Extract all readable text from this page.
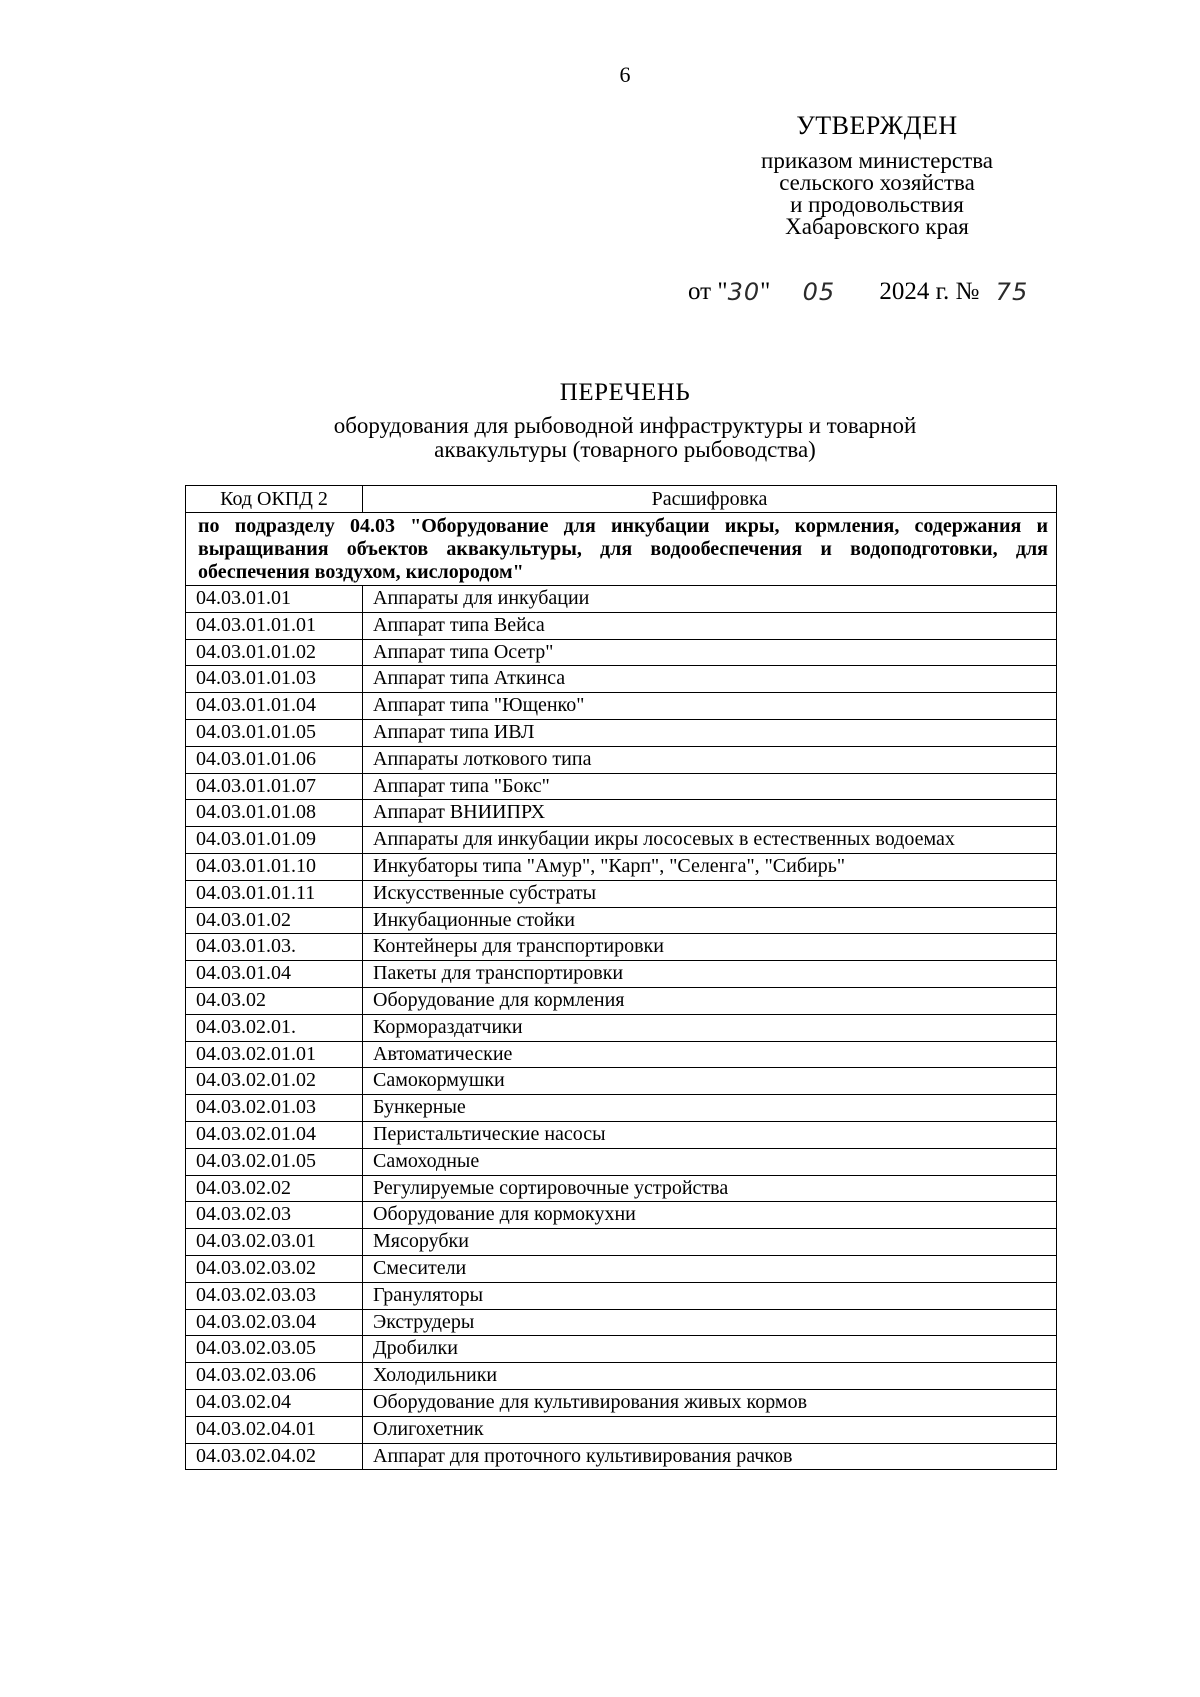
6
УТВЕРЖДЕН
приказом министерства
сельского хозяйства
и продовольствия
Хабаровского края
от "30" 05 2024 г. № 75
ПЕРЕЧЕНЬ
оборудования для рыбоводной инфраструктуры и товарной
аквакультуры (товарного рыбоводства)
Код ОКПД 2	Расшифровка
по подразделу 04.03 "Оборудование для инкубации икры, кормления, содержания и выращивания объектов аквакультуры, для водообеспечения и водоподготовки, для обеспечения воздухом, кислородом"	
04.03.01.01	Аппараты для инкубации
04.03.01.01.01	Аппарат типа Вейса
04.03.01.01.02	Аппарат типа Осетр"
04.03.01.01.03	Аппарат типа Аткинса
04.03.01.01.04	Аппарат типа "Ющенко"
04.03.01.01.05	Аппарат типа ИВЛ
04.03.01.01.06	Аппараты лоткового типа
04.03.01.01.07	Аппарат типа "Бокс"
04.03.01.01.08	Аппарат ВНИИПРХ
04.03.01.01.09	Аппараты для инкубации икры лососевых в естественных водоемах
04.03.01.01.10	Инкубаторы типа "Амур", "Карп", "Селенга", "Сибирь"
04.03.01.01.11	Искусственные субстраты
04.03.01.02	Инкубационные стойки
04.03.01.03.	Контейнеры для транспортировки
04.03.01.04	Пакеты для транспортировки
04.03.02	Оборудование для кормления
04.03.02.01.	Кормораздатчики
04.03.02.01.01	Автоматические
04.03.02.01.02	Самокормушки
04.03.02.01.03	Бункерные
04.03.02.01.04	Перистальтические насосы
04.03.02.01.05	Самоходные
04.03.02.02	Регулируемые сортировочные устройства
04.03.02.03	Оборудование для кормокухни
04.03.02.03.01	Мясорубки
04.03.02.03.02	Смесители
04.03.02.03.03	Грануляторы
04.03.02.03.04	Экструдеры
04.03.02.03.05	Дробилки
04.03.02.03.06	Холодильники
04.03.02.04	Оборудование для культивирования живых кормов
04.03.02.04.01	Олигохетник
04.03.02.04.02	Аппарат для проточного культивирования рачков
